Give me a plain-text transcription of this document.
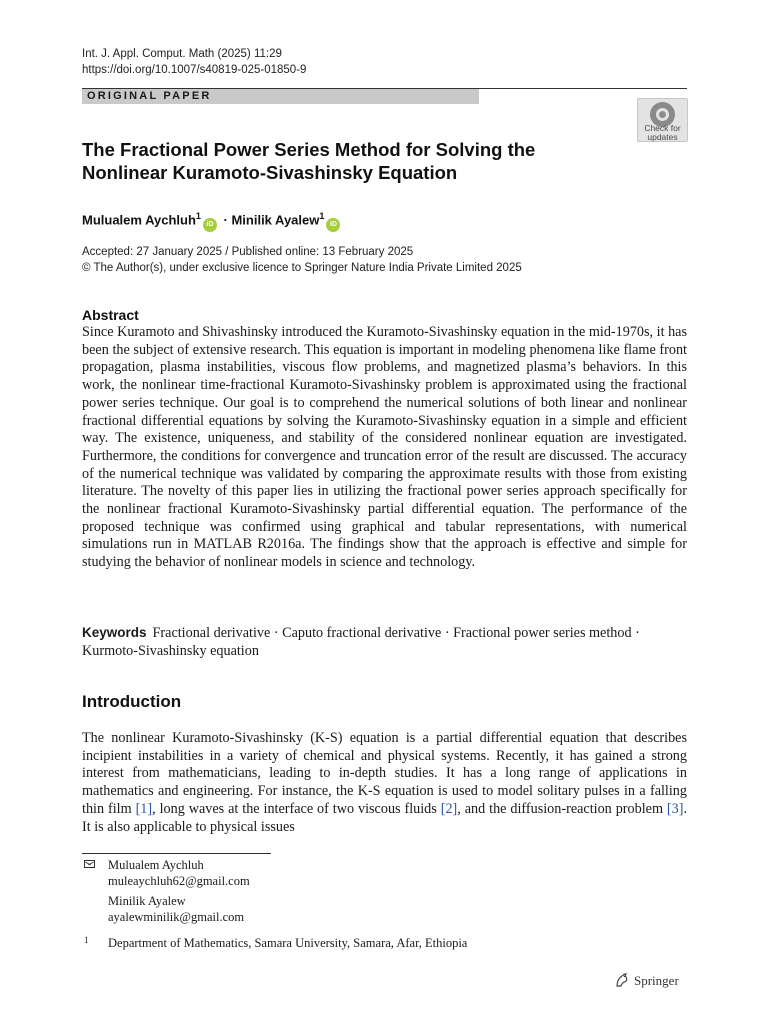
Int. J. Appl. Comput. Math (2025) 11:29
https://doi.org/10.1007/s40819-025-01850-9
ORIGINAL PAPER
Check for
updates
The Fractional Power Series Method for Solving the
Nonlinear Kuramoto-Sivashinsky Equation
Mulualem Aychluh$^1$iD · Minilik Ayalew$^1$iD
Accepted: 27 January 2025 / Published online: 13 February 2025
© The Author(s), under exclusive licence to Springer Nature India Private Limited 2025
Abstract
Since Kuramoto and Shivashinsky introduced the Kuramoto-Sivashinsky equation in the mid-1970s, it has been the subject of extensive research. This equation is important in modeling phenomena like flame front propagation, plasma instabilities, viscous flow problems, and magnetized plasma’s behaviors. In this work, the nonlinear time-fractional Kuramoto-Sivashinsky problem is approximated using the fractional power series technique. Our goal is to comprehend the numerical solutions of both linear and nonlinear fractional differential equations by solving the Kuramoto-Sivashinsky equation in a simple and efficient way. The existence, uniqueness, and stability of the considered nonlinear equation are investigated. Furthermore, the conditions for convergence and truncation error of the result are discussed. The accuracy of the numerical technique was validated by comparing the approximate results with those from existing literature. The novelty of this paper lies in utilizing the fractional power series approach specifically for the nonlinear fractional Kuramoto-Sivashinsky partial differential equation. The performance of the proposed technique was confirmed using graphical and tabular representations, with numerical simulations run in MATLAB R2016a. The findings show that the approach is effective and simple for studying the behavior of nonlinear models in science and technology.
Keywords Fractional derivative · Caputo fractional derivative · Fractional power series method · Kurmoto-Sivashinsky equation
Introduction
The nonlinear Kuramoto-Sivashinsky (K-S) equation is a partial differential equation that describes incipient instabilities in a variety of chemical and physical systems. Recently, it has gained a strong interest from mathematicians, leading to in-depth studies. It has a long range of applications in mathematics and engineering. For instance, the K-S equation is used to model solitary pulses in a falling thin film [1], long waves at the interface of two viscous fluids [2], and the diffusion-reaction problem [3]. It is also applicable to physical issues
Mulualem Aychluh
muleaychluh62@gmail.com
Minilik Ayalew
ayalewminilik@gmail.com
1 Department of Mathematics, Samara University, Samara, Afar, Ethiopia
Springer
